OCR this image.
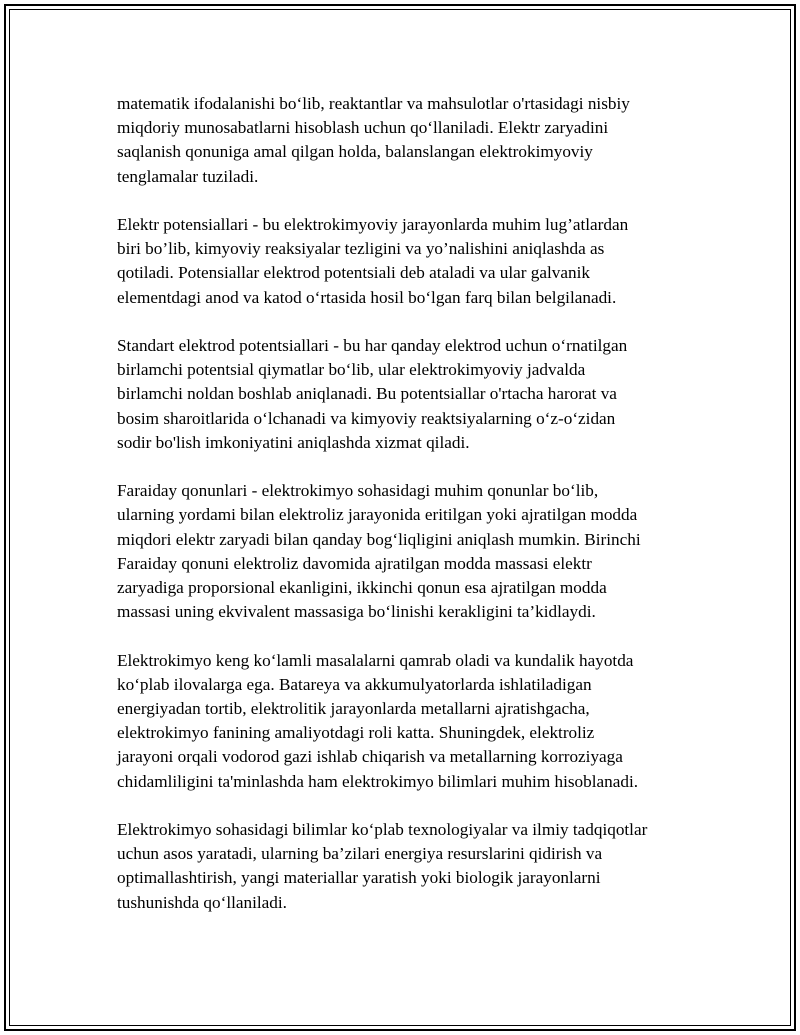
matematik ifodalanishi bo‘lib, reaktantlar va mahsulotlar o'rtasidagi nisbiy
miqdoriy munosabatlarni hisoblash uchun qo‘llaniladi. Elektr zaryadini
saqlanish qonuniga amal qilgan holda, balanslangan elektrokimyoviy
tenglamalar tuziladi.

Elektr potensiallari - bu elektrokimyoviy jarayonlarda muhim lug’atlardan
biri bo’lib, kimyoviy reaksiyalar tezligini va yo’nalishini aniqlashda as
qotiladi. Potensiallar elektrod potentsiali deb ataladi va ular galvanik
elementdagi anod va katod o‘rtasida hosil bo‘lgan farq bilan belgilanadi.

Standart elektrod potentsiallari - bu har qanday elektrod uchun o‘rnatilgan
birlamchi potentsial qiymatlar bo‘lib, ular elektrokimyoviy jadvalda
birlamchi noldan boshlab aniqlanadi. Bu potentsiallar o'rtacha harorat va
bosim sharoitlarida o‘lchanadi va kimyoviy reaktsiyalarning o‘z-o‘zidan
sodir bo'lish imkoniyatini aniqlashda xizmat qiladi.

Faraiday qonunlari - elektrokimyo sohasidagi muhim qonunlar bo‘lib,
ularning yordami bilan elektroliz jarayonida eritilgan yoki ajratilgan modda
miqdori elektr zaryadi bilan qanday bog‘liqligini aniqlash mumkin. Birinchi
Faraiday qonuni elektroliz davomida ajratilgan modda massasi elektr
zaryadiga proporsional ekanligini, ikkinchi qonun esa ajratilgan modda
massasi uning ekvivalent massasiga bo‘linishi kerakligini ta’kidlaydi.

Elektrokimyo keng ko‘lamli masalalarni qamrab oladi va kundalik hayotda
ko‘plab ilovalarga ega. Batareya va akkumulyatorlarda ishlatiladigan
energiyadan tortib, elektrolitik jarayonlarda metallarni ajratishgacha,
elektrokimyo fanining amaliyotdagi roli katta. Shuningdek, elektroliz
jarayoni orqali vodorod gazi ishlab chiqarish va metallarning korroziyaga
chidamliligini ta'minlashda ham elektrokimyo bilimlari muhim hisoblanadi.

Elektrokimyo sohasidagi bilimlar ko‘plab texnologiyalar va ilmiy tadqiqotlar
uchun asos yaratadi, ularning ba’zilari energiya resurslarini qidirish va
optimallashtirish, yangi materiallar yaratish yoki biologik jarayonlarni
tushunishda qo‘llaniladi.
